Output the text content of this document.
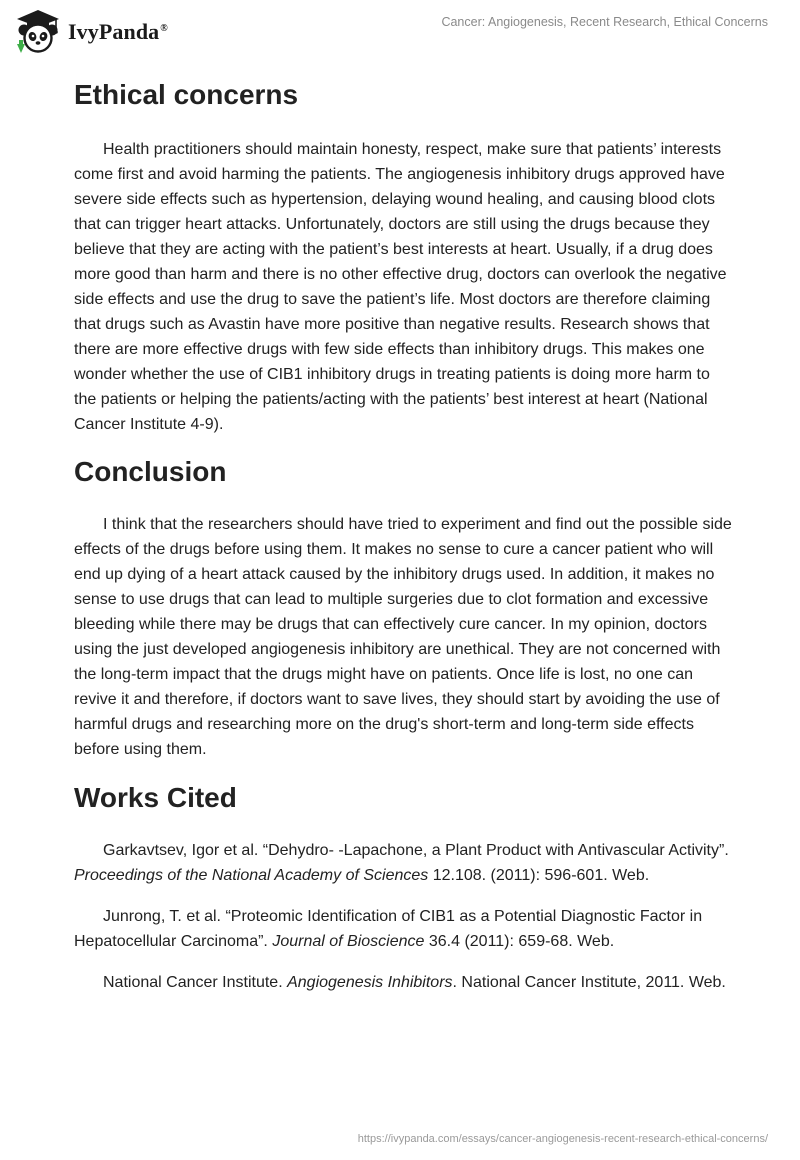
IvyPanda®	Cancer: Angiogenesis, Recent Research, Ethical Concerns
Ethical concerns

Health practitioners should maintain honesty, respect, make sure that patients’ interests come first and avoid harming the patients. The angiogenesis inhibitory drugs approved have severe side effects such as hypertension, delaying wound healing, and causing blood clots that can trigger heart attacks. Unfortunately, doctors are still using the drugs because they believe that they are acting with the patient’s best interests at heart. Usually, if a drug does more good than harm and there is no other effective drug, doctors can overlook the negative side effects and use the drug to save the patient’s life. Most doctors are therefore claiming that drugs such as Avastin have more positive than negative results. Research shows that there are more effective drugs with few side effects than inhibitory drugs. This makes one wonder whether the use of CIB1 inhibitory drugs in treating patients is doing more harm to the patients or helping the patients/acting with the patients’ best interest at heart (National Cancer Institute 4-9).

Conclusion

I think that the researchers should have tried to experiment and find out the possible side effects of the drugs before using them. It makes no sense to cure a cancer patient who will end up dying of a heart attack caused by the inhibitory drugs used. In addition, it makes no sense to use drugs that can lead to multiple surgeries due to clot formation and excessive bleeding while there may be drugs that can effectively cure cancer. In my opinion, doctors using the just developed angiogenesis inhibitory are unethical. They are not concerned with the long-term impact that the drugs might have on patients. Once life is lost, no one can revive it and therefore, if doctors want to save lives, they should start by avoiding the use of harmful drugs and researching more on the drug's short-term and long-term side effects before using them.

Works Cited

Garkavtsev, Igor et al. “Dehydro- -Lapachone, a Plant Product with Antivascular Activity”. Proceedings of the National Academy of Sciences 12.108. (2011): 596-601. Web.

Junrong, T. et al. “Proteomic Identification of CIB1 as a Potential Diagnostic Factor in Hepatocellular Carcinoma”. Journal of Bioscience 36.4 (2011): 659-68. Web.

National Cancer Institute. Angiogenesis Inhibitors. National Cancer Institute, 2011. Web.

https://ivypanda.com/essays/cancer-angiogenesis-recent-research-ethical-concerns/
